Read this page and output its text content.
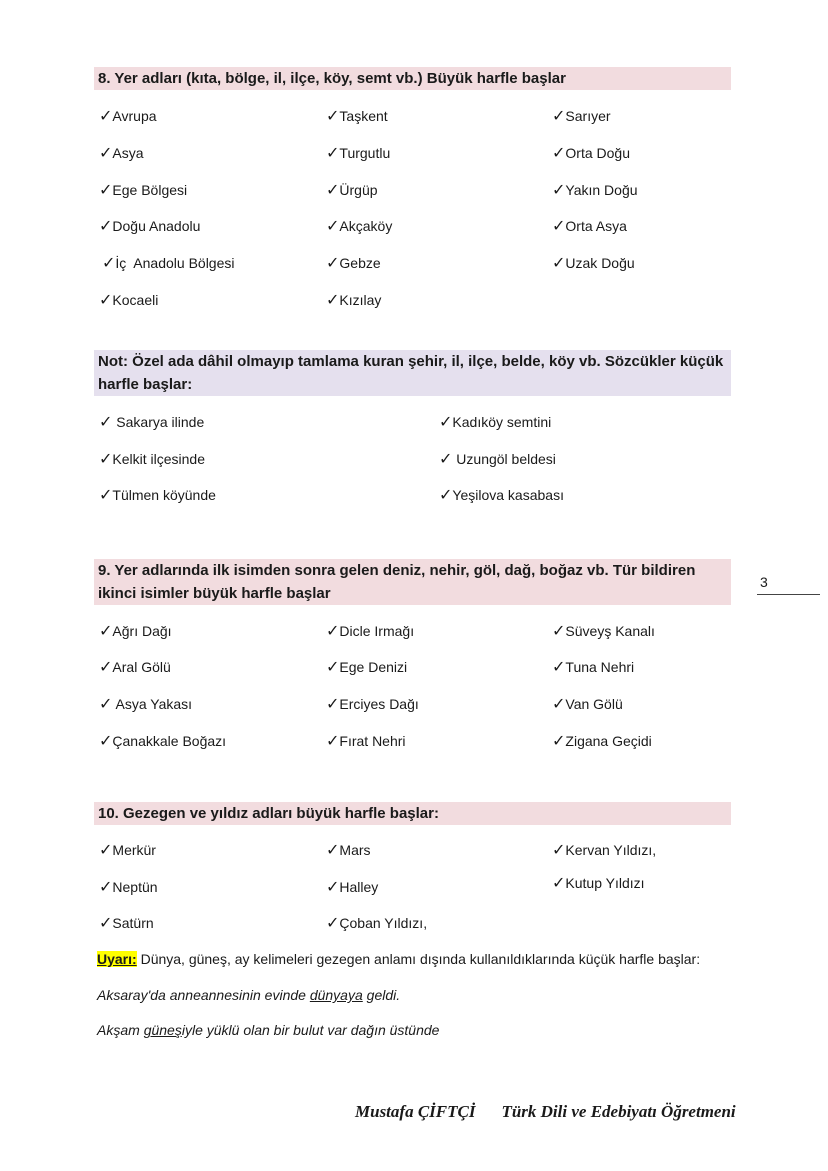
8. Yer adları (kıta, bölge, il, ilçe, köy, semt vb.) Büyük harfle başlar
✓Avrupa
✓Asya
✓Ege Bölgesi
✓Doğu Anadolu
✓İç  Anadolu Bölgesi
✓Kocaeli
✓Taşkent
✓Turgutlu
✓Ürgüp
✓Akçaköy
✓Gebze
✓Kızılay
✓Sarıyer
✓Orta Doğu
✓Yakın Doğu
✓Orta Asya
✓Uzak Doğu
Not: Özel ada dâhil olmayıp tamlama kuran şehir, il, ilçe, belde, köy vb. Sözcükler küçük harfle başlar:
✓ Sakarya ilinde
✓Kelkit ilçesinde
✓Tülmen köyünde
✓Kadıköy semtini
✓ Uzungöl beldesi
✓Yeşilova kasabası
9. Yer adlarında ilk isimden sonra gelen deniz, nehir, göl, dağ, boğaz vb. Tür bildiren ikinci isimler büyük harfle başlar
3
✓Ağrı Dağı
✓Aral Gölü
✓ Asya Yakası
✓Çanakkale Boğazı
✓Dicle Irmağı
✓Ege Denizi
✓Erciyes Dağı
✓Fırat Nehri
✓Süveyş Kanalı
✓Tuna Nehri
✓Van Gölü
✓Zigana Geçidi
10. Gezegen ve yıldız adları büyük harfle başlar:
✓Merkür
✓Neptün
✓Satürn
✓Mars
✓Halley
✓Çoban Yıldızı,
✓Kervan Yıldızı,
✓Kutup Yıldızı
Uyarı: Dünya, güneş, ay kelimeleri gezegen anlamı dışında kullanıldıklarında küçük harfle başlar:
Aksaray'da anneannesinin evinde dünyaya geldi.
Akşam güneşiyle yüklü olan bir bulut var dağın üstünde
Mustafa ÇİFTÇİ Türk Dili ve Edebiyatı Öğretmeni
